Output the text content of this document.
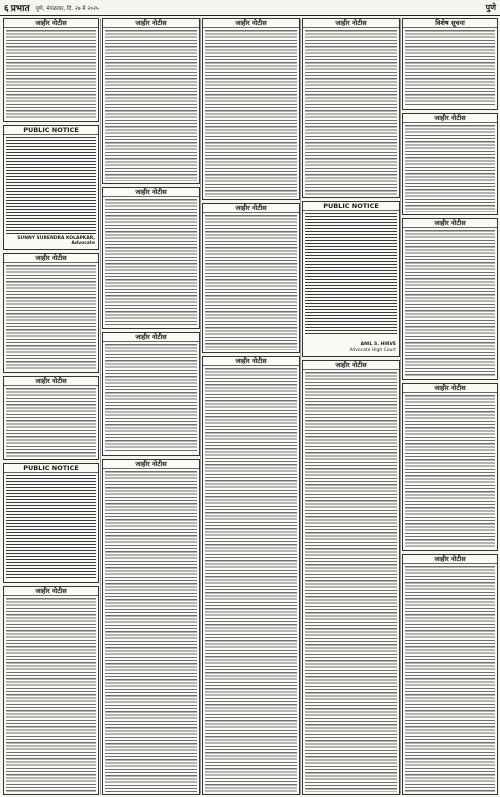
६ प्रभात पुणे, मंगळवार, दि. २७ मे २०२५	पुणे
जाहीर नोटीस
PUBLIC NOTICE
SUNNY SURENDRA KOLAPKAR, Advocate
जाहीर नोटीस
जाहीर नोटीस
PUBLIC NOTICE
जाहीर नोटीस
जाहीर नोटीस
जाहीर नोटीस
जाहीर नोटीस
जाहीर नोटीस
जाहीर नोटीस
जाहीर नोटीस
जाहीर नोटीस
जाहीर नोटीस
PUBLIC NOTICE
ANIL S. HIRVE
Advocate High Court
जाहीर नोटीस
विशेष सूचना
जाहीर नोटीस
जाहीर नोटीस
जाहीर नोटीस
जाहीर नोटीस
